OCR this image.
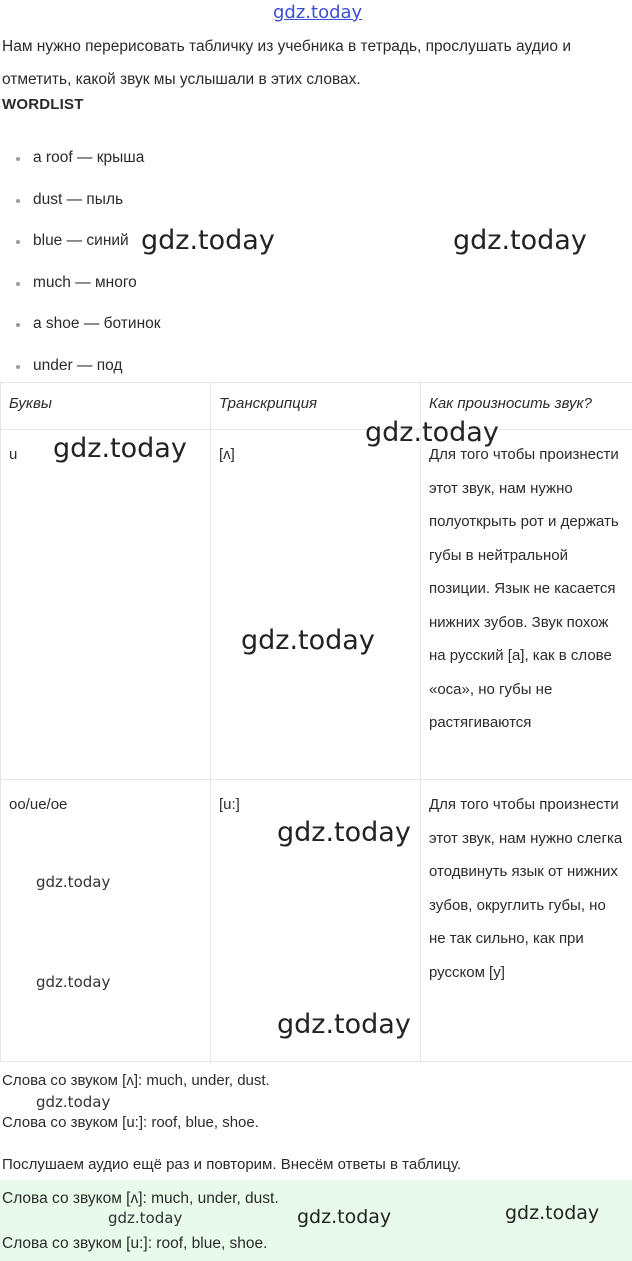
Нам нужно перерисовать табличку из учебника в тетрадь, прослушать аудио и отметить, какой звук мы услышали в этих словах.

WORDLIST

a roof — крыша
dust — пыль
blue — синий
much — много
a shoe — ботинок
under — под
Буквы	Транскрипция	Как произносить звук?
u	[ʌ]	Для того чтобы произнести этот звук, нам нужно полуоткрыть рот и держать губы в нейтральной позиции. Язык не касается нижних зубов. Звук похож на русский [а], как в слове «оса», но губы не растягиваются
oo/ue/oe	[u:]	Для того чтобы произнести этот звук, нам нужно слегка отодвинуть язык от нижних зубов, округлить губы, но не так сильно, как при русском [у]

Слова со звуком [ʌ]: much, under, dust.

Слова со звуком [u:]: roof, blue, shoe.

Послушаем аудио ещё раз и повторим. Внесём ответы в таблицу.

Слова со звуком [ʌ]: much, under, dust.

Слова со звуком [u:]: roof, blue, shoe.

gdz.today
gdz.today	gdz.today
gdz.today
gdz.today
gdz.today
gdz.today
gdz.today
gdz.today
gdz.today
gdz.today
gdz.today	gdz.today	gdz.today
